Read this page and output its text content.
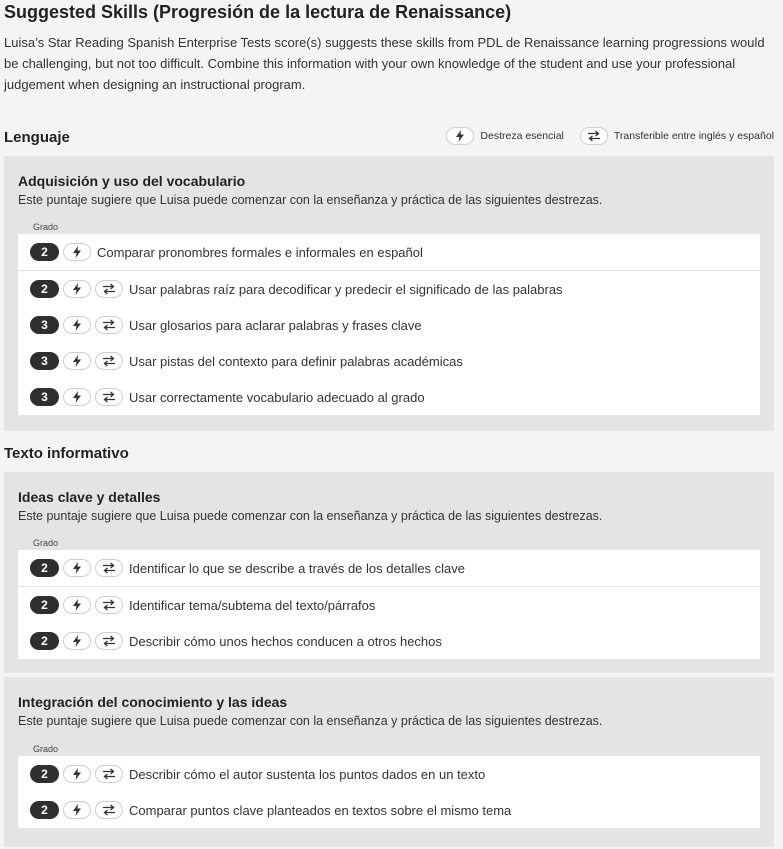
Suggested Skills (Progresión de la lectura de Renaissance)
Luisa’s Star Reading Spanish Enterprise Tests score(s) suggests these skills from PDL de Renaissance learning progressions would be challenging, but not too difficult. Combine this information with your own knowledge of the student and use your professional judgement when designing an instructional program.
Lenguaje	Destreza esencial	Transferible entre inglés y español
Adquisición y uso del vocabulario
Este puntaje sugiere que Luisa puede comenzar con la enseñanza y práctica de las siguientes destrezas.
Grado
2	Comparar pronombres formales e informales en español
2	Usar palabras raíz para decodificar y predecir el significado de las palabras
3	Usar glosarios para aclarar palabras y frases clave
3	Usar pistas del contexto para definir palabras académicas
3	Usar correctamente vocabulario adecuado al grado
Texto informativo
Ideas clave y detalles
Este puntaje sugiere que Luisa puede comenzar con la enseñanza y práctica de las siguientes destrezas.
Grado
2	Identificar lo que se describe a través de los detalles clave
2	Identificar tema/subtema del texto/párrafos
2	Describir cómo unos hechos conducen a otros hechos
Integración del conocimiento y las ideas
Este puntaje sugiere que Luisa puede comenzar con la enseñanza y práctica de las siguientes destrezas.
Grado
2	Describir cómo el autor sustenta los puntos dados en un texto
2	Comparar puntos clave planteados en textos sobre el mismo tema
